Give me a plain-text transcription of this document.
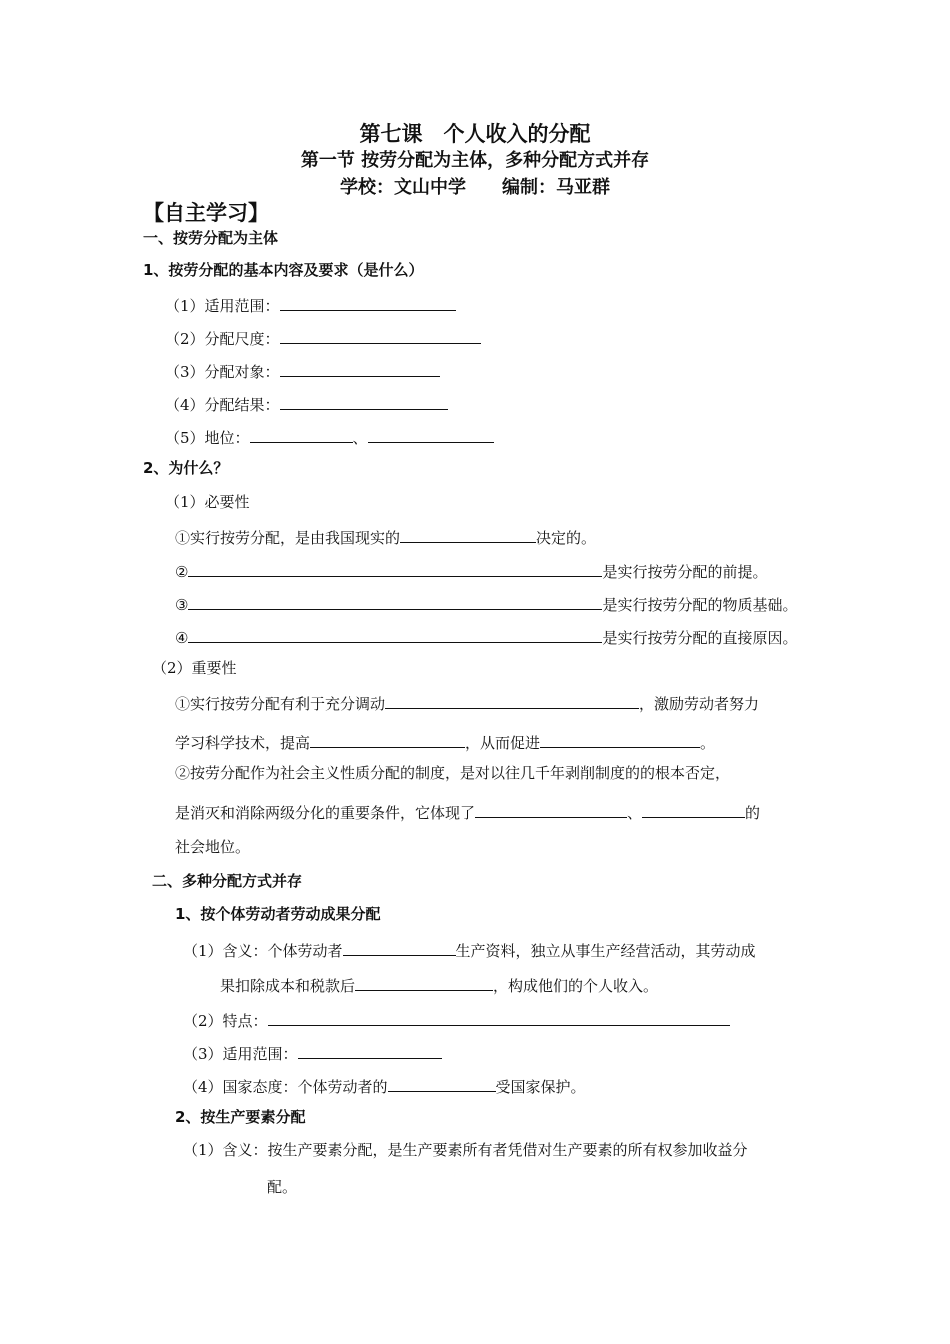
第七课　个人收入的分配
第一节 按劳分配为主体，多种分配方式并存
学校：文山中学　　编制：马亚群
【自主学习】
一、按劳分配为主体
1、按劳分配的基本内容及要求（是什么）
（1）适用范围：
（2）分配尺度：
（3）分配对象：
（4）分配结果：
（5）地位：	、
2、为什么？
（1）必要性
①实行按劳分配，是由我国现实的	决定的。
②	是实行按劳分配的前提。
③	是实行按劳分配的物质基础。
④	是实行按劳分配的直接原因。
（2）重要性
①实行按劳分配有利于充分调动	，激励劳动者努力
学习科学技术，提高	，从而促进	。
②按劳分配作为社会主义性质分配的制度，是对以往几千年剥削制度的的根本否定，
是消灭和消除两级分化的重要条件，它体现了	、	的
社会地位。
二、多种分配方式并存
1、按个体劳动者劳动成果分配
（1）含义：个体劳动者	生产资料，独立从事生产经营活动，其劳动成
果扣除成本和税款后	，构成他们的个人收入。
（2）特点：
（3）适用范围：
（4）国家态度：个体劳动者的	受国家保护。
2、按生产要素分配
（1）含义：按生产要素分配，是生产要素所有者凭借对生产要素的所有权参加收益分
配。
